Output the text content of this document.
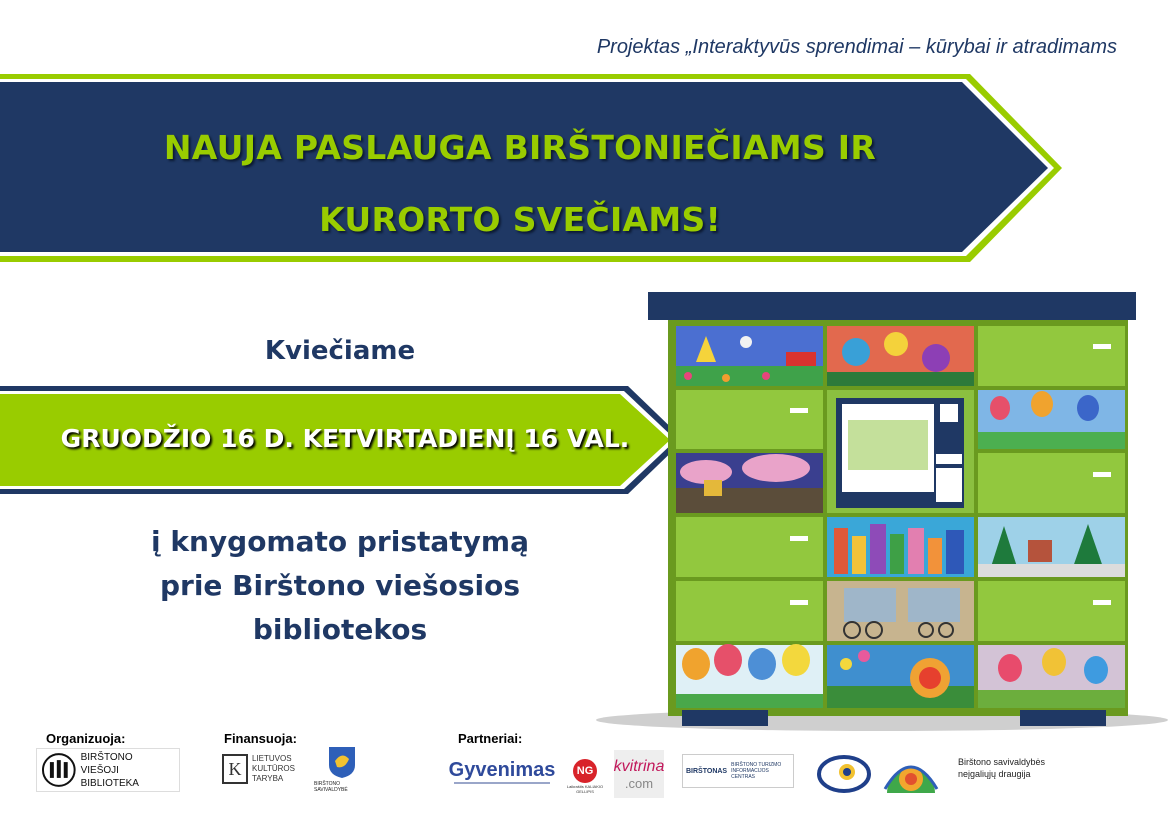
Projektas „Interaktyvūs sprendimai – kūrybai ir atradimams
NAUJA PASLAUGA BIRŠTONIEČIAMS IR
KURORTO SVEČIAMS!
Kviečiame
GRUODŽIO 16 D. KETVIRTADIENĮ 16 VAL.
į knygomato pristatymą
prie Birštono viešosios
bibliotekos
Organizuoja:	Finansuoja:	Partneriai:
BIRŠTONO
VIEŠOJI BIBLIOTEKA
K	LIETUVOS
KULTŪROS
TARYBA
BIRŠTONO SAVIVALDYBĖ
Gyvenimas	NG
Laikraštis KALIAKIO GELLIPIS
kvitrina
.com
BIRŠTONAS
BIRŠTONO TURIZMO INFORMACIJOS CENTRAS
Birštono savivaldybės
neįgaliųjų draugija
